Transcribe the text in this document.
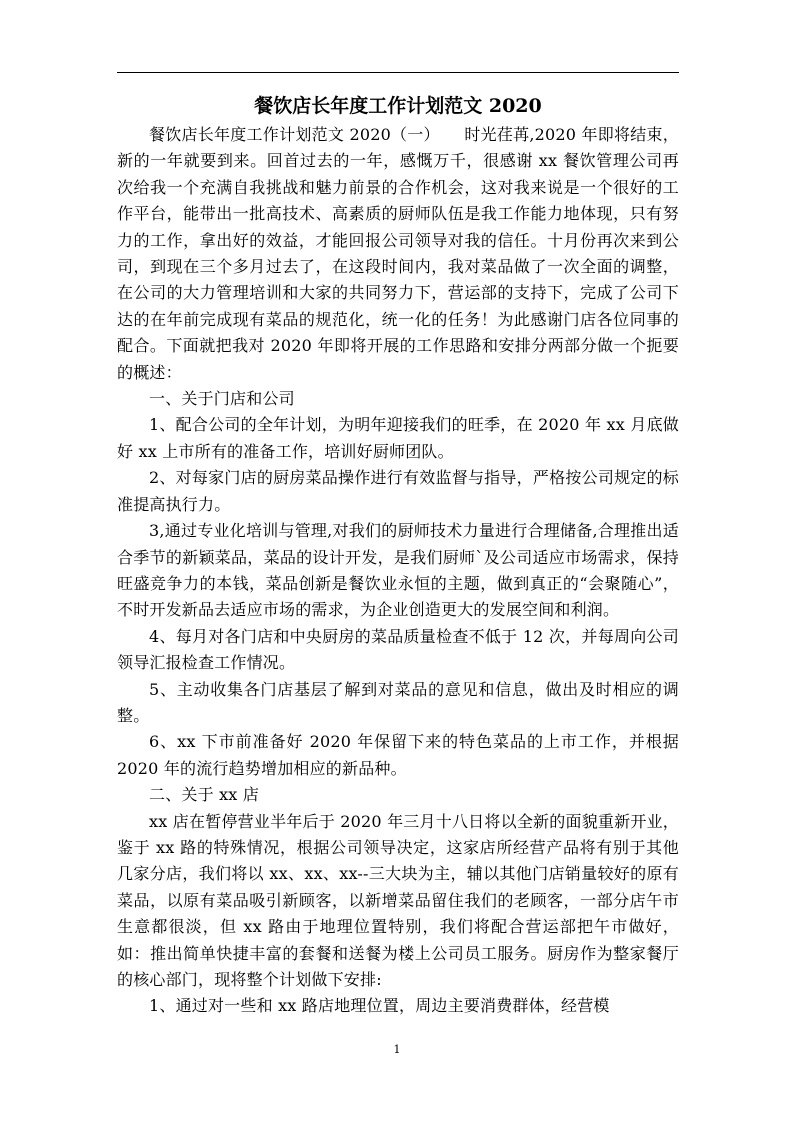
餐饮店长年度工作计划范文 2020

餐饮店长年度工作计划范文 2020（一）　　时光荏苒,2020 年即将结束，新的一年就要到来。回首过去的一年，感慨万千，很感谢 xx 餐饮管理公司再次给我一个充满自我挑战和魅力前景的合作机会，这对我来说是一个很好的工作平台，能带出一批高技术、高素质的厨师队伍是我工作能力地体现，只有努力的工作，拿出好的效益，才能回报公司领导对我的信任。十月份再次来到公司，到现在三个多月过去了，在这段时间内，我对菜品做了一次全面的调整，在公司的大力管理培训和大家的共同努力下，营运部的支持下，完成了公司下达的在年前完成现有菜品的规范化，统一化的任务！为此感谢门店各位同事的配合。下面就把我对 2020 年即将开展的工作思路和安排分两部分做一个扼要的概述：

一、关于门店和公司

1、配合公司的全年计划，为明年迎接我们的旺季，在 2020 年 xx 月底做好 xx 上市所有的准备工作，培训好厨师团队。

2、对每家门店的厨房菜品操作进行有效监督与指导，严格按公司规定的标准提高执行力。

3,通过专业化培训与管理,对我们的厨师技术力量进行合理储备,合理推出适合季节的新颖菜品，菜品的设计开发，是我们厨师`及公司适应市场需求，保持旺盛竞争力的本钱，菜品创新是餐饮业永恒的主题，做到真正的“会聚随心”，不时开发新品去适应市场的需求，为企业创造更大的发展空间和利润。

4、每月对各门店和中央厨房的菜品质量检查不低于 12 次，并每周向公司领导汇报检查工作情况。

5、主动收集各门店基层了解到对菜品的意见和信息，做出及时相应的调整。

6、xx 下市前准备好 2020 年保留下来的特色菜品的上市工作，并根据 2020 年的流行趋势增加相应的新品种。

二、关于 xx 店

xx 店在暂停营业半年后于 2020 年三月十八日将以全新的面貌重新开业，鉴于 xx 路的特殊情况，根据公司领导决定，这家店所经营产品将有别于其他几家分店，我们将以 xx、xx、xx--三大块为主，辅以其他门店销量较好的原有菜品，以原有菜品吸引新顾客，以新增菜品留住我们的老顾客，一部分店午市生意都很淡，但 xx 路由于地理位置特别，我们将配合营运部把午市做好，如：推出简单快捷丰富的套餐和送餐为楼上公司员工服务。厨房作为整家餐厅的核心部门，现将整个计划做下安排:

1、通过对一些和 xx 路店地理位置，周边主要消费群体，经营模

1
